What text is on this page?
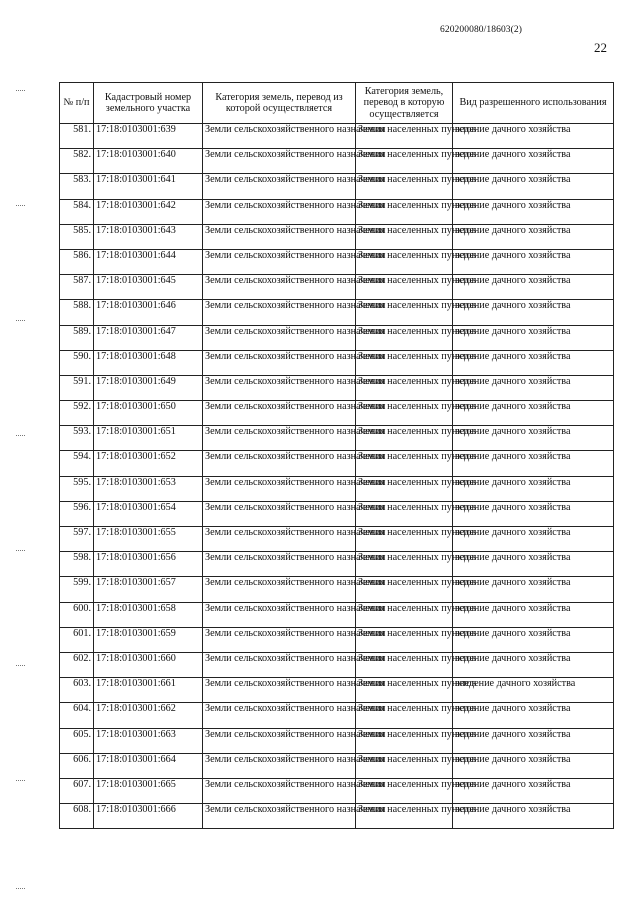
620200080/18603(2)
22
№ п/п	Кадастровый номер земельного участка	Категория земель, перевод из которой осуществляется	Категория земель, перевод в которую осуществляется	Вид разрешенного использования
581.	17:18:0103001:639	Земли сельскохозяйственного назначения	Земли населенных пунктов	ведение дачного хозяйства
582.	17:18:0103001:640	Земли сельскохозяйственного назначения	Земли населенных пунктов	ведение дачного хозяйства
583.	17:18:0103001:641	Земли сельскохозяйственного назначения	Земли населенных пунктов	ведение дачного хозяйства
584.	17:18:0103001:642	Земли сельскохозяйственного назначения	Земли населенных пунктов	ведение дачного хозяйства
585.	17:18:0103001:643	Земли сельскохозяйственного назначения	Земли населенных пунктов	ведение дачного хозяйства
586.	17:18:0103001:644	Земли сельскохозяйственного назначения	Земли населенных пунктов	ведение дачного хозяйства
587.	17:18:0103001:645	Земли сельскохозяйственного назначения	Земли населенных пунктов	ведение дачного хозяйства
588.	17:18:0103001:646	Земли сельскохозяйственного назначения	Земли населенных пунктов	ведение дачного хозяйства
589.	17:18:0103001:647	Земли сельскохозяйственного назначения	Земли населенных пунктов	ведение дачного хозяйства
590.	17:18:0103001:648	Земли сельскохозяйственного назначения	Земли населенных пунктов	ведение дачного хозяйства
591.	17:18:0103001:649	Земли сельскохозяйственного назначения	Земли населенных пунктов	ведение дачного хозяйства
592.	17:18:0103001:650	Земли сельскохозяйственного назначения	Земли населенных пунктов	ведение дачного хозяйства
593.	17:18:0103001:651	Земли сельскохозяйственного назначения	Земли населенных пунктов	ведение дачного хозяйства
594.	17:18:0103001:652	Земли сельскохозяйственного назначения	Земли населенных пунктов	ведение дачного хозяйства
595.	17:18:0103001:653	Земли сельскохозяйственного назначения	Земли населенных пунктов	ведение дачного хозяйства
596.	17:18:0103001:654	Земли сельскохозяйственного назначения	Земли населенных пунктов	ведение дачного хозяйства
597.	17:18:0103001:655	Земли сельскохозяйственного назначения	Земли населенных пунктов	ведение дачного хозяйства
598.	17:18:0103001:656	Земли сельскохозяйственного назначения	Земли населенных пунктов	ведение дачного хозяйства
599.	17:18:0103001:657	Земли сельскохозяйственного назначения	Земли населенных пунктов	ведение дачного хозяйства
600.	17:18:0103001:658	Земли сельскохозяйственного назначения	Земли населенных пунктов	ведение дачного хозяйства
601.	17:18:0103001:659	Земли сельскохозяйственного назначения	Земли населенных пунктов	ведение дачного хозяйства
602.	17:18:0103001:660	Земли сельскохозяйственного назначения	Земли населенных пунктов	ведение дачного хозяйства
603.	17:18:0103001:661	Земли сельскохозяйственного назначения	Земли населенных пунктов	введение дачного хозяйства
604.	17:18:0103001:662	Земли сельскохозяйственного назначения	Земли населенных пунктов	ведение дачного хозяйства
605.	17:18:0103001:663	Земли сельскохозяйственного назначения	Земли населенных пунктов	ведение дачного хозяйства
606.	17:18:0103001:664	Земли сельскохозяйственного назначения	Земли населенных пунктов	ведение дачного хозяйства
607.	17:18:0103001:665	Земли сельскохозяйственного назначения	Земли населенных пунктов	ведение дачного хозяйства
608.	17:18:0103001:666	Земли сельскохозяйственного назначения	Земли населенных пунктов	ведение дачного хозяйства
